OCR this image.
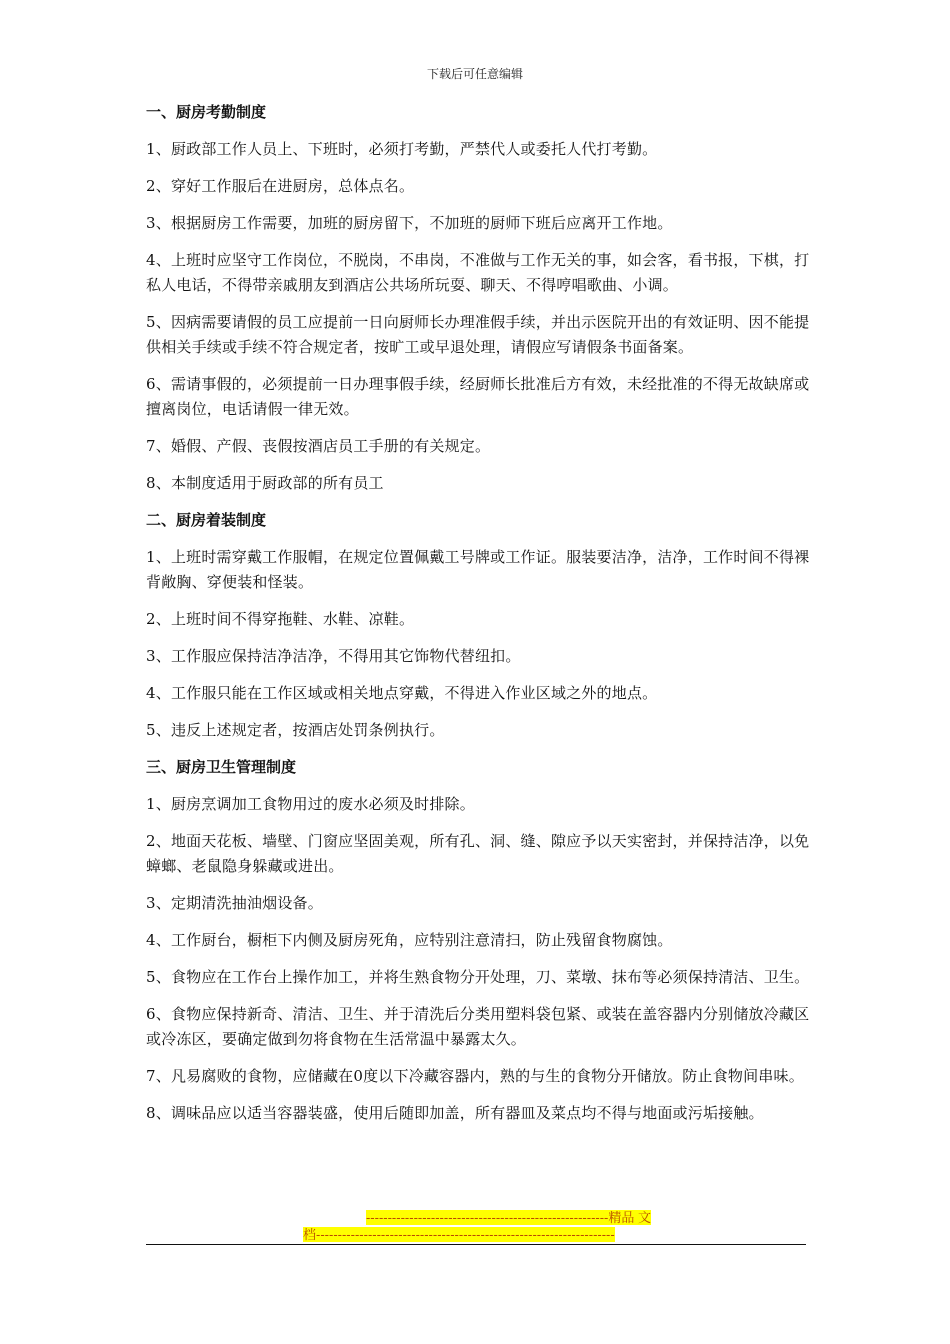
下载后可任意编辑
一、厨房考勤制度

1、厨政部工作人员上、下班时，必须打考勤，严禁代人或委托人代打考勤。

2、穿好工作服后在进厨房，总体点名。

3、根据厨房工作需要，加班的厨房留下，不加班的厨师下班后应离开工作地。

4、上班时应坚守工作岗位，不脱岗，不串岗，不准做与工作无关的事，如会客，看书报，下棋，打私人电话，不得带亲戚朋友到酒店公共场所玩耍、聊天、不得哼唱歌曲、小调。

5、因病需要请假的员工应提前一日向厨师长办理准假手续，并出示医院开出的有效证明、因不能提供相关手续或手续不符合规定者，按旷工或早退处理，请假应写请假条书面备案。

6、需请事假的，必须提前一日办理事假手续，经厨师长批准后方有效，未经批准的不得无故缺席或擅离岗位，电话请假一律无效。

7、婚假、产假、丧假按酒店员工手册的有关规定。

8、本制度适用于厨政部的所有员工

二、厨房着装制度

1、上班时需穿戴工作服帽，在规定位置佩戴工号牌或工作证。服装要洁净，洁净，工作时间不得裸背敞胸、穿便装和怪装。

2、上班时间不得穿拖鞋、水鞋、凉鞋。

3、工作服应保持洁净洁净，不得用其它饰物代替纽扣。

4、工作服只能在工作区域或相关地点穿戴，不得进入作业区域之外的地点。

5、违反上述规定者，按酒店处罚条例执行。

三、厨房卫生管理制度

1、厨房烹调加工食物用过的废水必须及时排除。

2、地面天花板、墙壁、门窗应坚固美观，所有孔、洞、缝、隙应予以天实密封，并保持洁净，以免蟑螂、老鼠隐身躲藏或进出。

3、定期清洗抽油烟设备。

4、工作厨台，橱柜下内侧及厨房死角，应特别注意清扫，防止残留食物腐蚀。

5、食物应在工作台上操作加工，并将生熟食物分开处理，刀、菜墩、抹布等必须保持清洁、卫生。

6、食物应保持新奇、清洁、卫生、并于清洗后分类用塑料袋包紧、或装在盖容器内分别储放冷藏区或冷冻区，要确定做到勿将食物在生活常温中暴露太久。

7、凡易腐败的食物，应储藏在0度以下冷藏容器内，熟的与生的食物分开储放。防止食物间串味。

8、调味品应以适当容器装盛，使用后随即加盖，所有器皿及菜点均不得与地面或污垢接触。

--------------------------------------------------------精品 文
档---------------------------------------------------------------------
